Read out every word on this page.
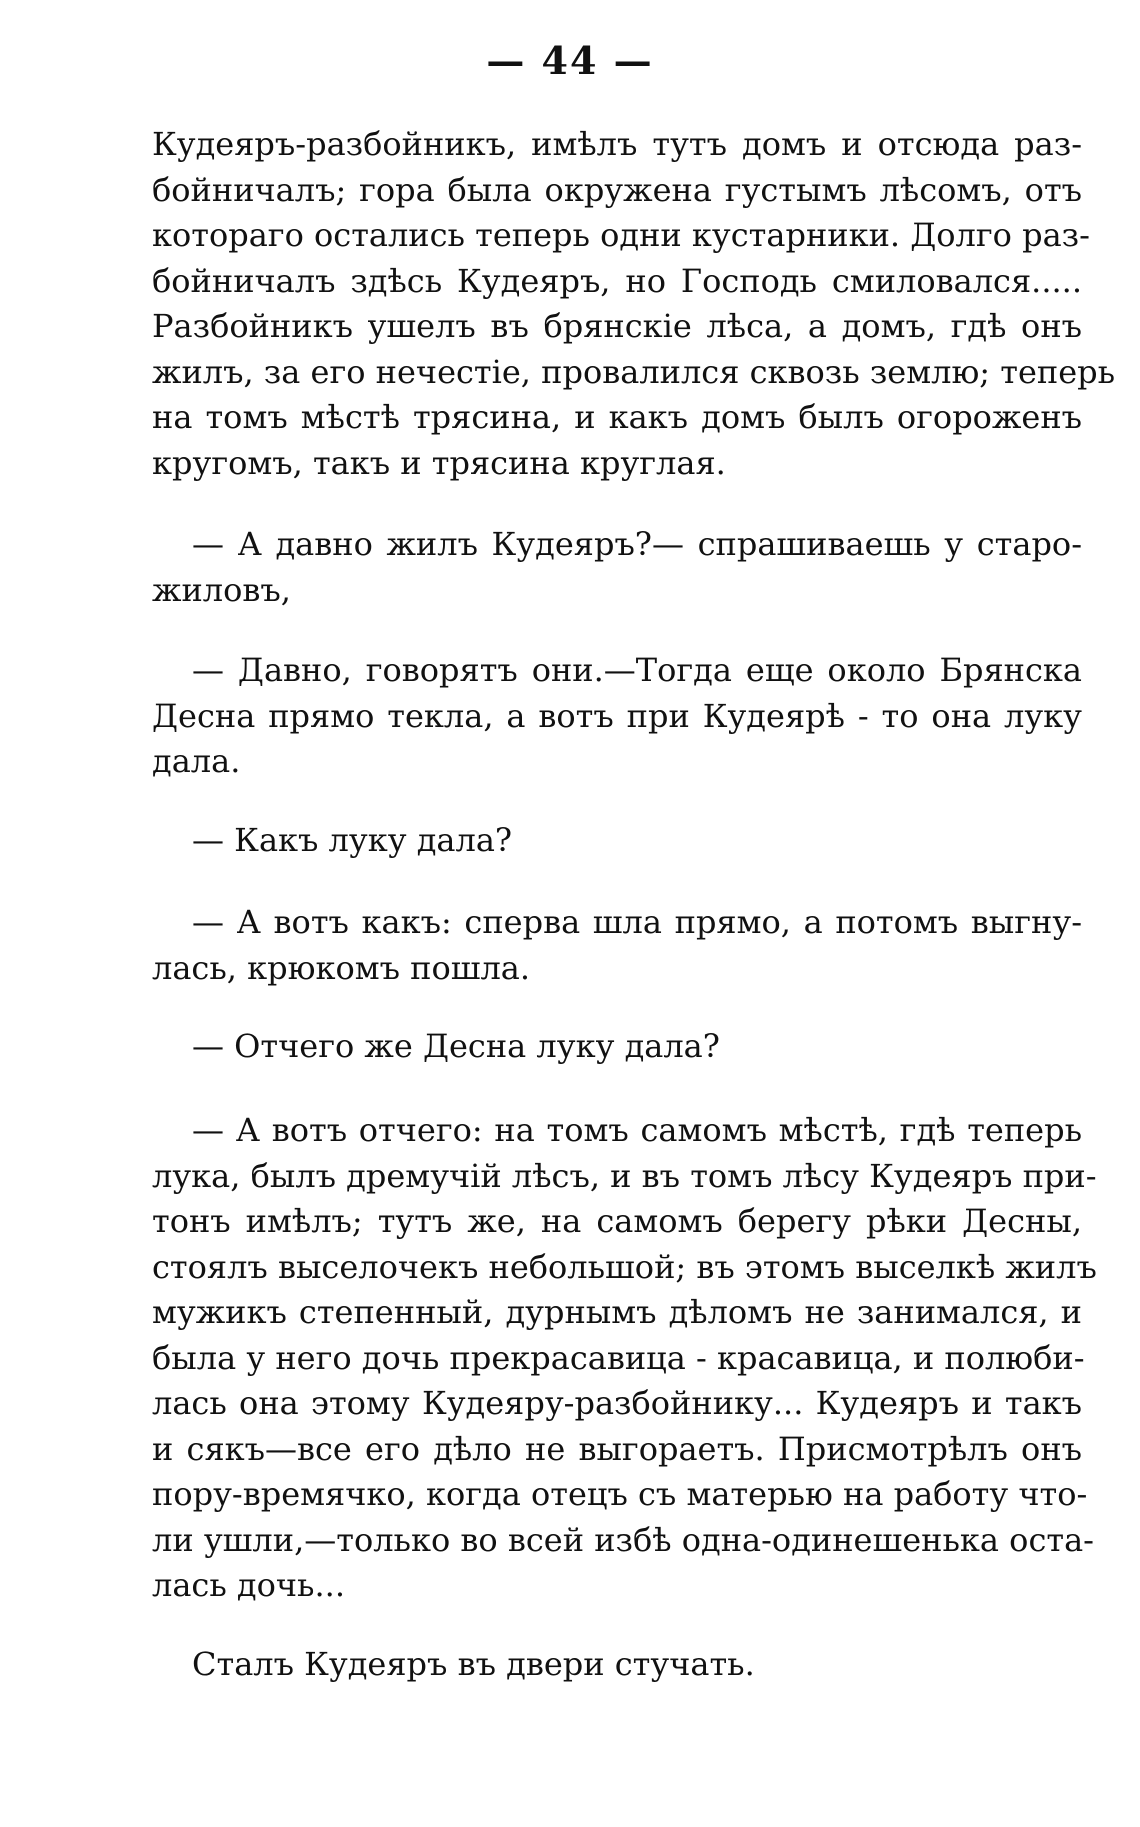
— 44 —
Кудеяръ-разбойникъ, имѣлъ тутъ домъ и отсюда раз-
бойничалъ; гора была окружена густымъ лѣсомъ, отъ
котораго остались теперь одни кустарники. Долго раз-
бойничалъ здѣсь Кудеяръ, но Господь смиловался.....
Разбойникъ ушелъ въ брянскіе лѣса, а домъ, гдѣ онъ
жилъ, за его нечестіе, провалился сквозь землю; теперь
на томъ мѣстѣ трясина, и какъ домъ былъ огороженъ
кругомъ, такъ и трясина круглая.
— А давно жилъ Кудеяръ?— спрашиваешь у старо-
жиловъ,
— Давно, говорятъ они.—Тогда еще около Брянска
Десна прямо текла, а вотъ при Кудеярѣ - то она луку
дала.
— Какъ луку дала?
— А вотъ какъ: сперва шла прямо, а потомъ выгну-
лась, крюкомъ пошла.
— Отчего же Десна луку дала?
— А вотъ отчего: на томъ самомъ мѣстѣ, гдѣ теперь
лука, былъ дремучій лѣсъ, и въ томъ лѣсу Кудеяръ при-
тонъ имѣлъ; тутъ же, на самомъ берегу рѣки Десны,
стоялъ выселочекъ небольшой; въ этомъ выселкѣ жилъ
мужикъ степенный, дурнымъ дѣломъ не занимался, и
была у него дочь прекрасавица - красавица, и полюби-
лась она этому Кудеяру-разбойнику... Кудеяръ и такъ
и сякъ—все его дѣло не выгораетъ. Присмотрѣлъ онъ
пору-времячко, когда отецъ съ матерью на работу что-
ли ушли,—только во всей избѣ одна-одинешенька оста-
лась дочь...
Сталъ Кудеяръ въ двери стучать.
